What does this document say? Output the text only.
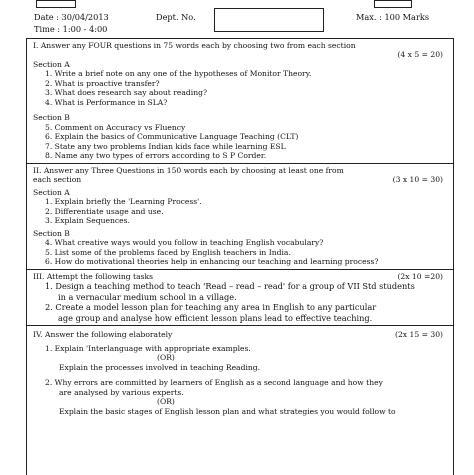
Date : 30/04/2013
Time : 1:00 - 4:00
Dept. No.	Max. : 100 Marks
I. Answer any FOUR questions in 75 words each by choosing two from each section
(4 x 5 = 20)
Section A
1. Write a brief note on any one of the hypotheses of Monitor Theory.
2. What is proactive transfer?
3. What does research say about reading?
4. What is Performance in SLA?
Section B
5. Comment on Accuracy vs Fluency
6. Explain the basics of Communicative Language Teaching (CLT)
7. State any two problems Indian kids face while learning ESL
8. Name any two types of errors according to S P Corder.
II. Answer any Three Questions in 150 words each by choosing at least one from
each section	(3 x 10 = 30)
Section A
1. Explain briefly the 'Learning Process'.
2. Differentiate usage and use.
3. Explain Sequences.
Section B
4. What creative ways would you follow in teaching English vocabulary?
5. List some of the problems faced by English teachers in India.
6. How do motivational theories help in enhancing our teaching and learning process?
III. Attempt the following tasks	(2x 10 =20)
1. Design a teaching method to teach 'Read – read – read' for a group of VII Std students
in a vernacular medium school in a village.
2. Create a model lesson plan for teaching any area in English to any particular
age group and analyse how efficient lesson plans lead to effective teaching.
IV. Answer the following elaborately	(2x 15 = 30)
1. Explain 'Interlanguage with appropriate examples.
(OR)
Explain the processes involved in teaching Reading.
2. Why errors are committed by learners of English as a second language and how they
are analysed by various experts.
(OR)
Explain the basic stages of English lesson plan and what strategies you would follow to
